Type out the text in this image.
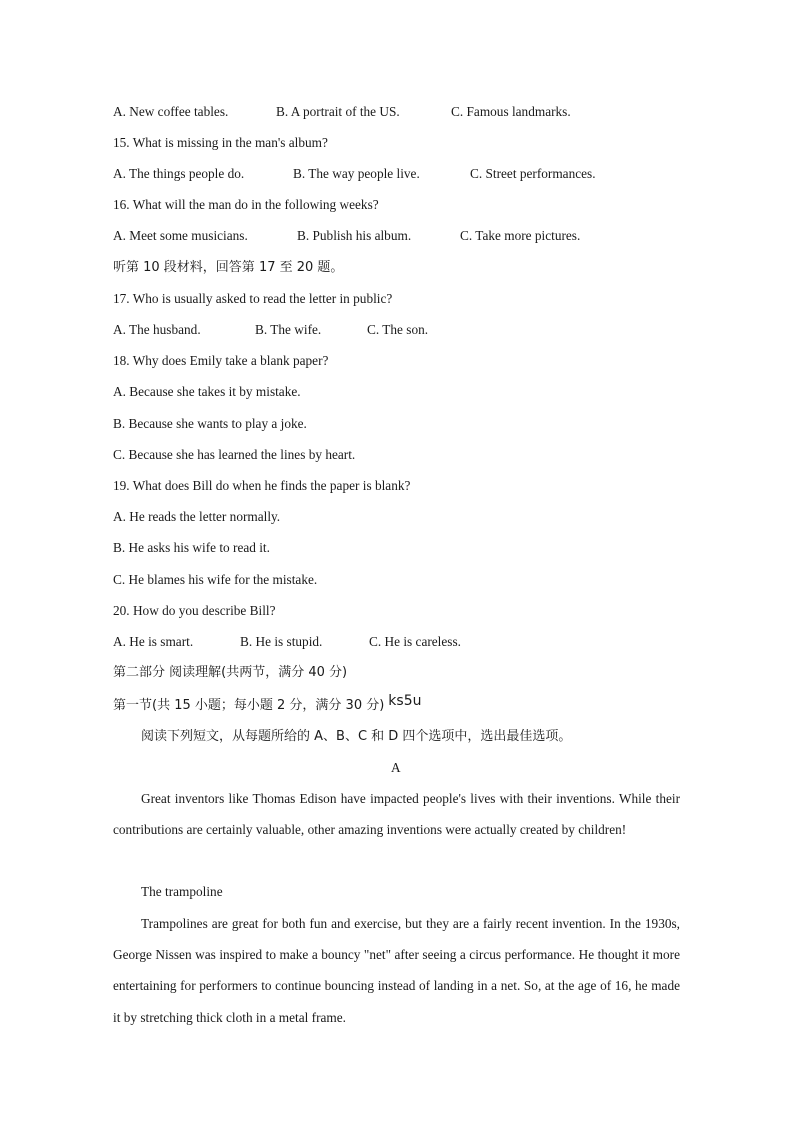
A. New coffee tables.	B. A portrait of the US.	C. Famous landmarks.
15. What is missing in the man's album?
A. The things people do.	B. The way people live.	C. Street performances.
16. What will the man do in the following weeks?
A. Meet some musicians.	B. Publish his album.	C. Take more pictures.
听第 10 段材料，回答第 17 至 20 题。
17. Who is usually asked to read the letter in public?
A. The husband.	B. The wife.	C. The son.
18. Why does Emily take a blank paper?
A. Because she takes it by mistake.
B. Because she wants to play a joke.
C. Because she has learned the lines by heart.
19. What does Bill do when he finds the paper is blank?
A. He reads the letter normally.
B. He asks his wife to read it.
C. He blames his wife for the mistake.
20. How do you describe Bill?
A. He is smart.	B. He is stupid.	C. He is careless.
第二部分 阅读理解(共两节，满分 40 分)
第一节(共 15 小题；每小题 2 分，满分 30 分) ks5u
阅读下列短文，从每题所给的 A、B、C 和 D 四个选项中，选出最佳选项。
A
Great inventors like Thomas Edison have impacted people's lives with their inventions. While their contributions are certainly valuable, other amazing inventions were actually created by children!
The trampoline
Trampolines are great for both fun and exercise, but they are a fairly recent invention. In the 1930s, George Nissen was inspired to make a bouncy "net" after seeing a circus performance. He thought it more entertaining for performers to continue bouncing instead of landing in a net. So, at the age of 16, he made it by stretching thick cloth in a metal frame.
